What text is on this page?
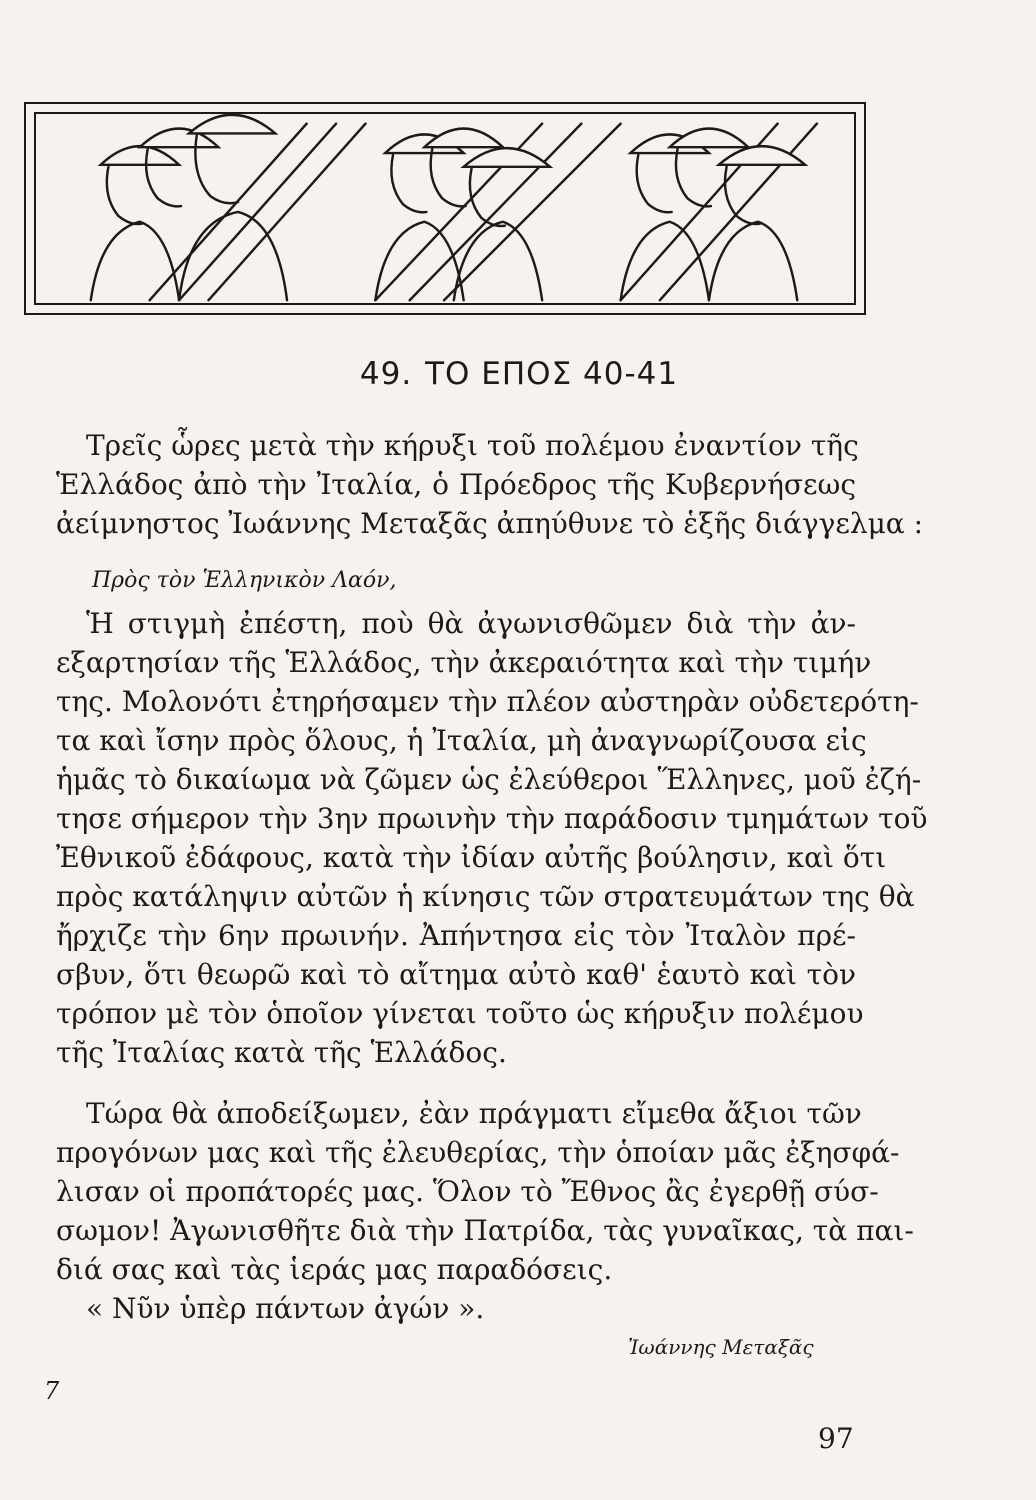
49. ΤΟ ΕΠΟΣ 40-41
Τρεῖς ὧρες μετὰ τὴν κήρυξι τοῦ πολέμου ἐναντίον τῆς
Ἑλλάδος ἀπὸ τὴν Ἰταλία, ὁ Πρόεδρος τῆς Κυβερνήσεως
ἀείμνηστος Ἰωάννης Μεταξᾶς ἀπηύθυνε τὸ ἑξῆς διάγγελμα :
Πρὸς τὸν Ἑλληνικὸν Λαόν,
Ἡ στιγμὴ ἐπέστη, ποὺ θὰ ἀγωνισθῶμεν διὰ τὴν ἀν-
εξαρτησίαν τῆς Ἑλλάδος, τὴν ἀκεραιότητα καὶ τὴν τιμήν
της. Μολονότι ἐτηρήσαμεν τὴν πλέον αὐστηρὰν οὐδετερότη-
τα καὶ ἴσην πρὸς ὅλους, ἡ Ἰταλία, μὴ ἀναγνωρίζουσα εἰς
ἡμᾶς τὸ δικαίωμα νὰ ζῶμεν ὡς ἐλεύθεροι Ἕλληνες, μοῦ ἐζή-
τησε σήμερον τὴν 3ην πρωινὴν τὴν παράδοσιν τμημάτων τοῦ
Ἐθνικοῦ ἐδάφους, κατὰ τὴν ἰδίαν αὐτῆς βούλησιν, καὶ ὅτι
πρὸς κατάληψιν αὐτῶν ἡ κίνησις τῶν στρατευμάτων της θὰ
ἤρχιζε τὴν 6ην πρωινήν. Ἀπήντησα εἰς τὸν Ἰταλὸν πρέ-
σβυν, ὅτι θεωρῶ καὶ τὸ αἴτημα αὐτὸ καθ' ἑαυτὸ καὶ τὸν
τρόπον μὲ τὸν ὁποῖον γίνεται τοῦτο ὡς κήρυξιν πολέμου
τῆς Ἰταλίας κατὰ τῆς Ἑλλάδος.
Τώρα θὰ ἀποδείξωμεν, ἐὰν πράγματι εἴμεθα ἄξιοι τῶν
προγόνων μας καὶ τῆς ἐλευθερίας, τὴν ὁποίαν μᾶς ἐξησφά-
λισαν οἱ προπάτορές μας. Ὅλον τὸ Ἔθνος ἂς ἐγερθῇ σύσ-
σωμον! Ἀγωνισθῆτε διὰ τὴν Πατρίδα, τὰς γυναῖκας, τὰ παι-
διά σας καὶ τὰς ἱεράς μας παραδόσεις.
« Νῦν ὑπὲρ πάντων ἀγών ».
Ἰωάννης Μεταξᾶς
7
97
